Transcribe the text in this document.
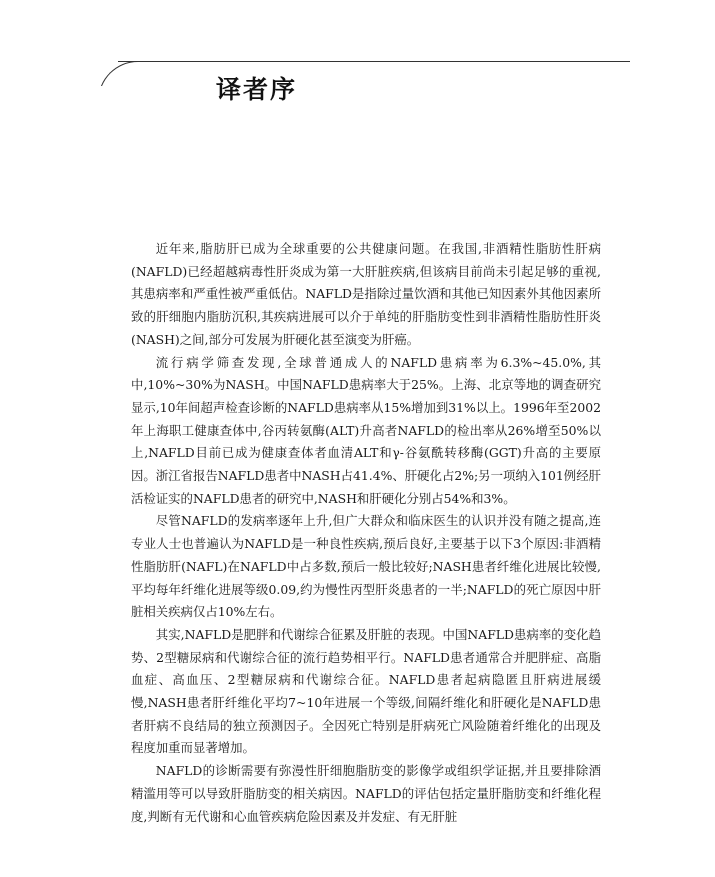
译者序

近年来,脂肪肝已成为全球重要的公共健康问题。在我国,非酒精性脂肪性肝病(NAFLD)已经超越病毒性肝炎成为第一大肝脏疾病,但该病目前尚未引起足够的重视,其患病率和严重性被严重低估。NAFLD是指除过量饮酒和其他已知因素外其他因素所致的肝细胞内脂肪沉积,其疾病进展可以介于单纯的肝脂肪变性到非酒精性脂肪性肝炎(NASH)之间,部分可发展为肝硬化甚至演变为肝癌。

流行病学筛查发现,全球普通成人的NAFLD患病率为6.3%~45.0%,其中,10%~30%为NASH。中国NAFLD患病率大于25%。上海、北京等地的调查研究显示,10年间超声检查诊断的NAFLD患病率从15%增加到31%以上。1996年至2002年上海职工健康查体中,谷丙转氨酶(ALT)升高者NAFLD的检出率从26%增至50%以上,NAFLD目前已成为健康查体者血清ALT和γ-谷氨酰转移酶(GGT)升高的主要原因。浙江省报告NAFLD患者中NASH占41.4%、肝硬化占2%;另一项纳入101例经肝活检证实的NAFLD患者的研究中,NASH和肝硬化分别占54%和3%。

尽管NAFLD的发病率逐年上升,但广大群众和临床医生的认识并没有随之提高,连专业人士也普遍认为NAFLD是一种良性疾病,预后良好,主要基于以下3个原因:非酒精性脂肪肝(NAFL)在NAFLD中占多数,预后一般比较好;NASH患者纤维化进展比较慢,平均每年纤维化进展等级0.09,约为慢性丙型肝炎患者的一半;NAFLD的死亡原因中肝脏相关疾病仅占10%左右。

其实,NAFLD是肥胖和代谢综合征累及肝脏的表现。中国NAFLD患病率的变化趋势、2型糖尿病和代谢综合征的流行趋势相平行。NAFLD患者通常合并肥胖症、高脂血症、高血压、2型糖尿病和代谢综合征。NAFLD患者起病隐匿且肝病进展缓慢,NASH患者肝纤维化平均7~10年进展一个等级,间隔纤维化和肝硬化是NAFLD患者肝病不良结局的独立预测因子。全因死亡特别是肝病死亡风险随着纤维化的出现及程度加重而显著增加。

NAFLD的诊断需要有弥漫性肝细胞脂肪变的影像学或组织学证据,并且要排除酒精滥用等可以导致肝脂肪变的相关病因。NAFLD的评估包括定量肝脂肪变和纤维化程度,判断有无代谢和心血管疾病危险因素及并发症、有无肝脏
